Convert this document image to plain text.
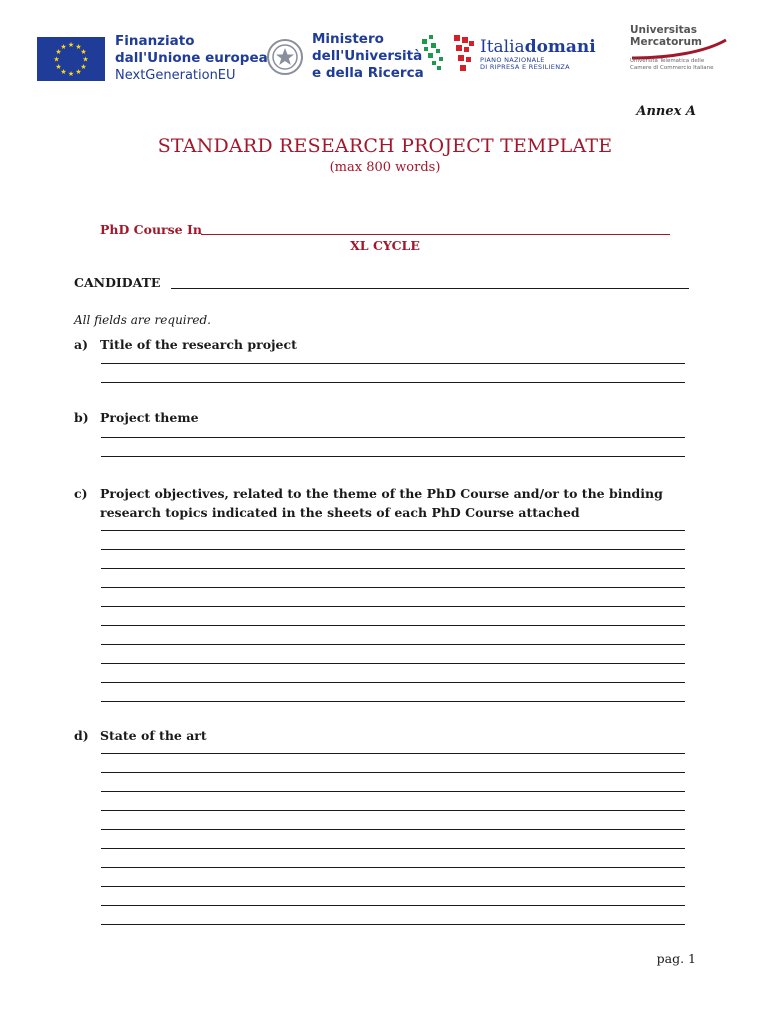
★ ★
★
★
★
★
★
★
★
★
★
★	Finanziato
dall'Unione europea
NextGenerationEU
Ministero
dell'Università
e della Ricerca
Italiadomani
PIANO NAZIONALE
DI RIPRESA E RESILIENZA
Universitas
Mercatorum
Università Telematica delle
Camere di Commercio Italiane
Annex A
STANDARD RESEARCH PROJECT TEMPLATE
(max 800 words)
PhD Course In
XL CYCLE
CANDIDATE
All fields are required.
a) Title of the research project
b) Project theme
c) Project objectives, related to the theme of the PhD Course and/or to the binding research topics indicated in the sheets of each PhD Course attached
d) State of the art
pag. 1
